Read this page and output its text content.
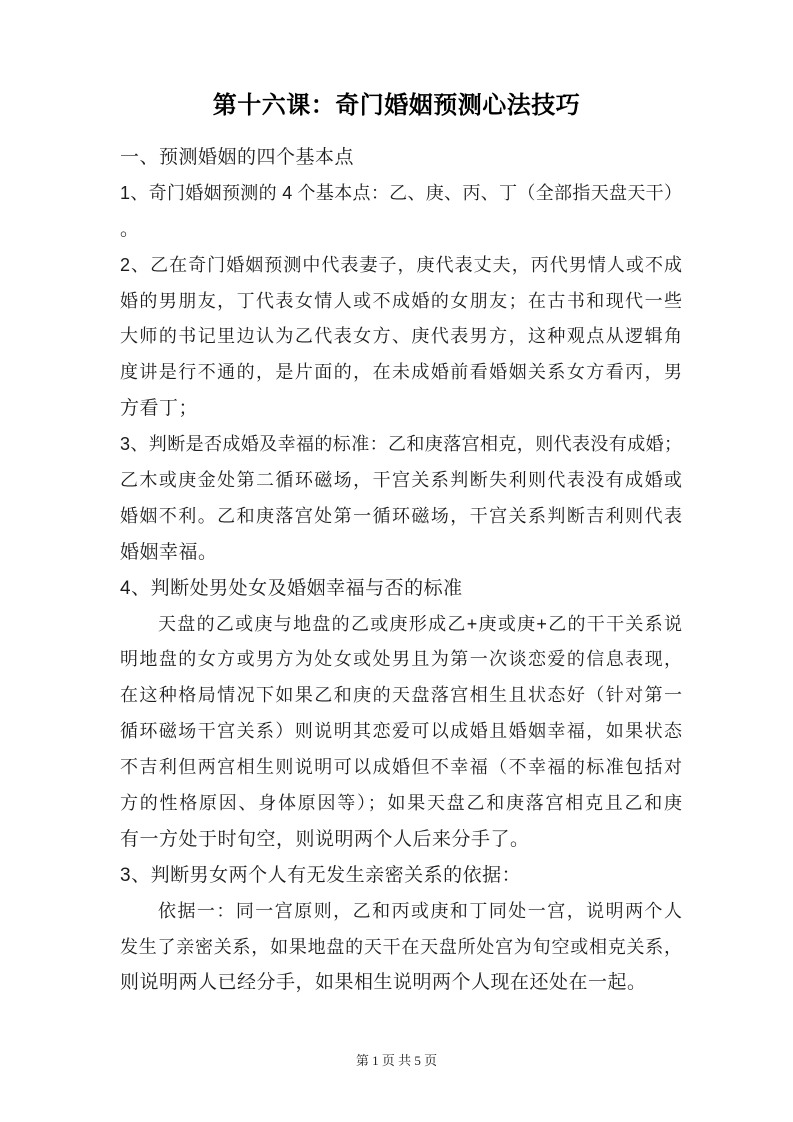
第十六课：奇门婚姻预测心法技巧
一、预测婚姻的四个基本点
1、奇门婚姻预测的 4 个基本点：乙、庚、丙、丁（全部指天盘天干）
。
2、乙在奇门婚姻预测中代表妻子，庚代表丈夫，丙代男情人或不成
婚的男朋友，丁代表女情人或不成婚的女朋友；在古书和现代一些
大师的书记里边认为乙代表女方、庚代表男方，这种观点从逻辑角
度讲是行不通的，是片面的，在未成婚前看婚姻关系女方看丙，男
方看丁；
3、判断是否成婚及幸福的标准：乙和庚落宫相克，则代表没有成婚；
乙木或庚金处第二循环磁场，干宫关系判断失利则代表没有成婚或
婚姻不利。乙和庚落宫处第一循环磁场，干宫关系判断吉利则代表
婚姻幸福。
4、判断处男处女及婚姻幸福与否的标准
天盘的乙或庚与地盘的乙或庚形成乙+庚或庚+乙的干干关系说
明地盘的女方或男方为处女或处男且为第一次谈恋爱的信息表现，
在这种格局情况下如果乙和庚的天盘落宫相生且状态好（针对第一
循环磁场干宫关系）则说明其恋爱可以成婚且婚姻幸福，如果状态
不吉利但两宫相生则说明可以成婚但不幸福（不幸福的标准包括对
方的性格原因、身体原因等）；如果天盘乙和庚落宫相克且乙和庚
有一方处于时旬空，则说明两个人后来分手了。
3、判断男女两个人有无发生亲密关系的依据：
依据一：同一宫原则，乙和丙或庚和丁同处一宫，说明两个人
发生了亲密关系，如果地盘的天干在天盘所处宫为旬空或相克关系，
则说明两人已经分手，如果相生说明两个人现在还处在一起。
第 1 页 共 5 页
